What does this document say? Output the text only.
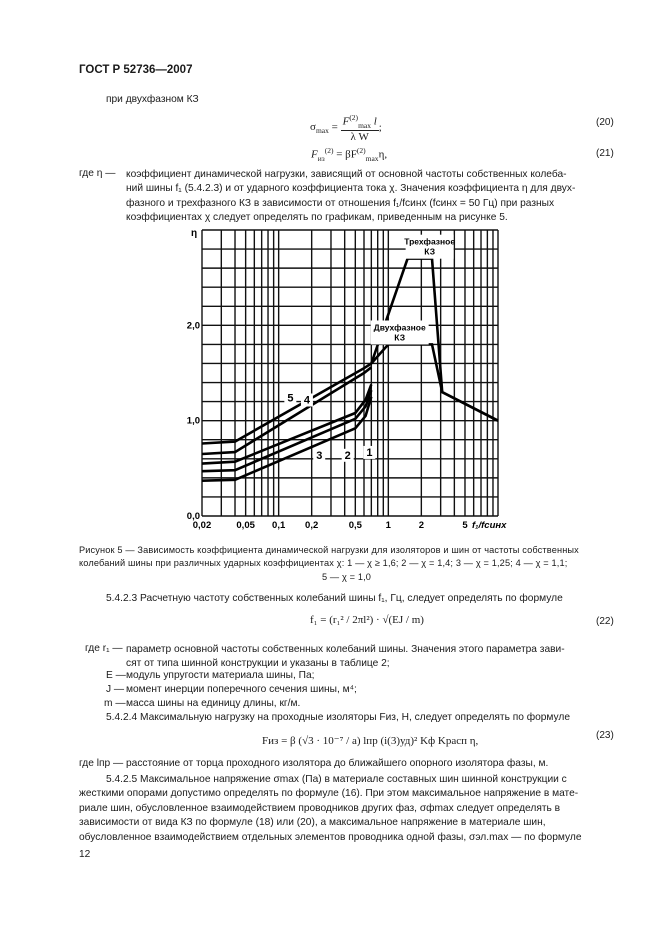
ГОСТ Р 52736—2007
при двухфазном КЗ
$\sigma_{max} = F^{(2)}_{max}$ l
λ W
;	(20)
$F_{из}^{(2)} = \beta F^{(2)}_{max}\eta$,	(21)
где η — коэффициент динамической нагрузки, зависящий от основной частоты собственных колеба-
ний шины f₁ (5.4.2.3) и от ударного коэффициента тока χ. Значения коэффициента η для двух-
фазного и трехфазного КЗ в зависимости от отношения f₁/fсинх (fсинх = 50 Гц) при разных
коэффициентах χ следует определять по графикам, приведенным на рисунке 5.
Трехфазное
КЗ
Двухфазное
КЗ
1
2
3
4
5
0,02	0,05 0,1 0,2	0,5	1	2	5 f₁/fсинх
0,0
1,0
2,0
η
Рисунок 5 — Зависимость коэффициента динамической нагрузки для изоляторов и шин от частоты собственных
колебаний шины при различных ударных коэффициентах χ: 1 — χ ≥ 1,6; 2 — χ = 1,4; 3 — χ = 1,25; 4 — χ = 1,1;
5 — χ = 1,0
5.4.2.3 Расчетную частоту собственных колебаний шины f₁, Гц, следует определять по формуле
f₁ = (r₁² / 2πl²) · √(EJ / m)	(22)
где r₁ — параметр основной частоты собственных колебаний шины. Значения этого параметра зави-
сят от типа шинной конструкции и указаны в таблице 2;
E — модуль упругости материала шины, Па;
J — момент инерции поперечного сечения шины, м⁴;
m — масса шины на единицу длины, кг/м.
5.4.2.4 Максимальную нагрузку на проходные изоляторы Fиз, Н, следует определять по формуле
Fиз = β (√3 · 10⁻⁷ / a) lпр (i(3)уд)² Kф Kрасп η,	(23)
где lпр — расстояние от торца проходного изолятора до ближайшего опорного изолятора фазы, м.
5.4.2.5 Максимальное напряжение σmax (Па) в материале составных шин шинной конструкции с
жесткими опорами допустимо определять по формуле (16). При этом максимальное напряжение в мате-
риале шин, обусловленное взаимодействием проводников других фаз, σфmax следует определять в
зависимости от вида КЗ по формуле (18) или (20), а максимальное напряжение в материале шин,
обусловленное взаимодействием отдельных элементов проводника одной фазы, σэл.max — по формуле
12
